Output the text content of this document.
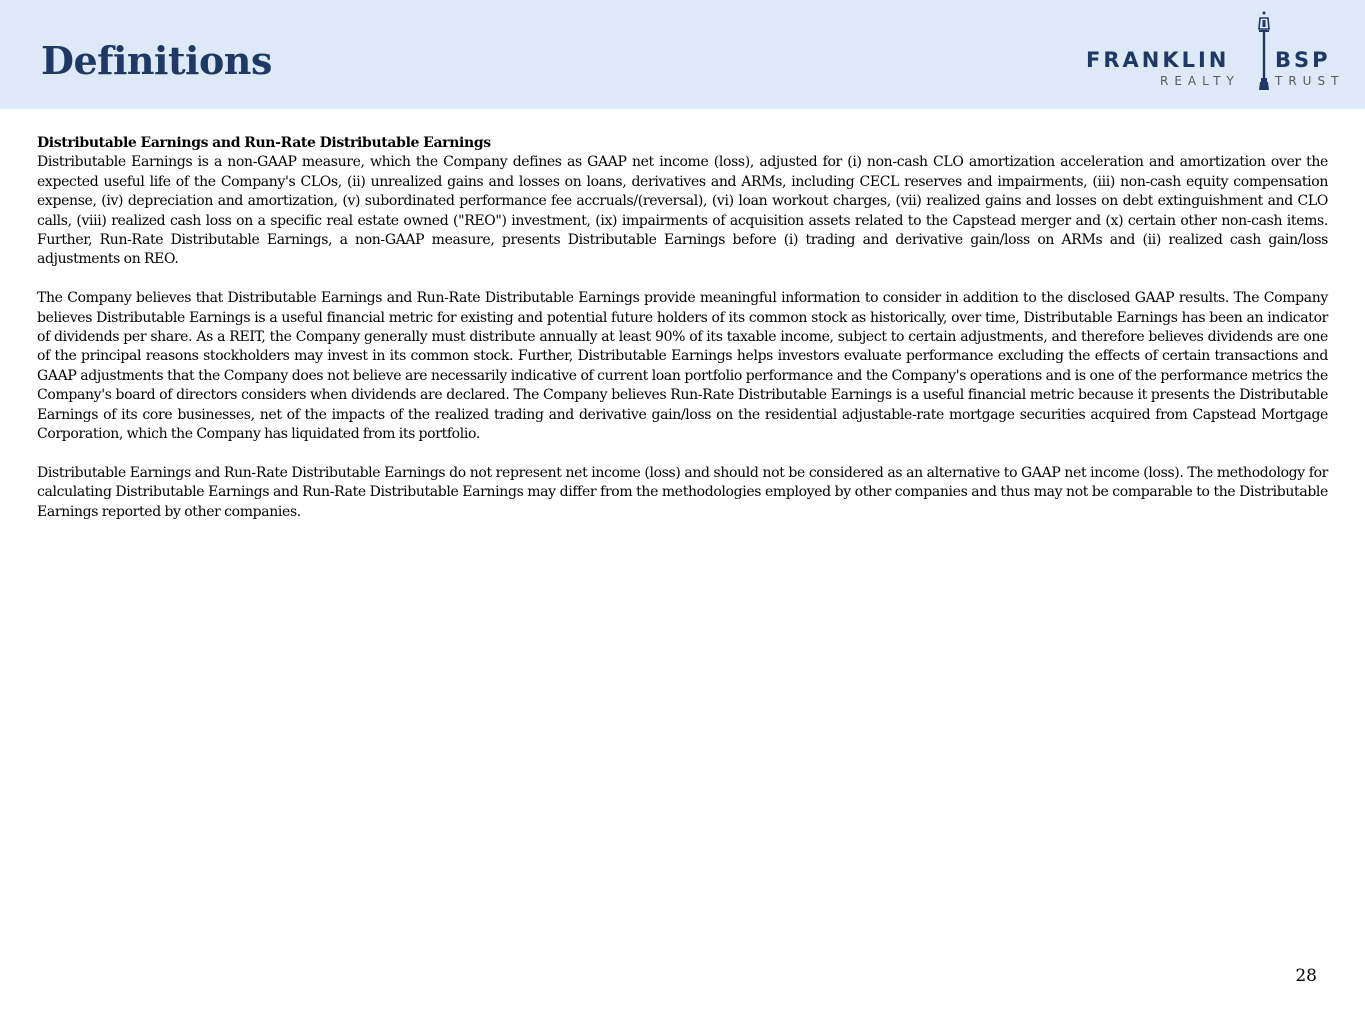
Definitions	FRANKLIN BSP
REALTY	TRUST

Distributable Earnings and Run-Rate Distributable Earnings

Distributable Earnings is a non-GAAP measure, which the Company defines as GAAP net income (loss), adjusted for (i) non-cash CLO amortization acceleration and amortization over the expected useful life of the Company's CLOs, (ii) unrealized gains and losses on loans, derivatives and ARMs, including CECL reserves and impairments, (iii) non-cash equity compensation expense, (iv) depreciation and amortization, (v) subordinated performance fee accruals/(reversal), (vi) loan workout charges, (vii) realized gains and losses on debt extinguishment and CLO calls, (viii) realized cash loss on a specific real estate owned ("REO") investment, (ix) impairments of acquisition assets related to the Capstead merger and (x) certain other non-cash items. Further, Run-Rate Distributable Earnings, a non-GAAP measure, presents Distributable Earnings before (i) trading and derivative gain/loss on ARMs and (ii) realized cash gain/loss adjustments on REO.

The Company believes that Distributable Earnings and Run-Rate Distributable Earnings provide meaningful information to consider in addition to the disclosed GAAP results. The Company believes Distributable Earnings is a useful financial metric for existing and potential future holders of its common stock as historically, over time, Distributable Earnings has been an indicator of dividends per share. As a REIT, the Company generally must distribute annually at least 90% of its taxable income, subject to certain adjustments, and therefore believes dividends are one of the principal reasons stockholders may invest in its common stock. Further, Distributable Earnings helps investors evaluate performance excluding the effects of certain transactions and GAAP adjustments that the Company does not believe are necessarily indicative of current loan portfolio performance and the Company's operations and is one of the performance metrics the Company's board of directors considers when dividends are declared. The Company believes Run-Rate Distributable Earnings is a useful financial metric because it presents the Distributable Earnings of its core businesses, net of the impacts of the realized trading and derivative gain/loss on the residential adjustable-rate mortgage securities acquired from Capstead Mortgage Corporation, which the Company has liquidated from its portfolio.

Distributable Earnings and Run-Rate Distributable Earnings do not represent net income (loss) and should not be considered as an alternative to GAAP net income (loss). The methodology for calculating Distributable Earnings and Run-Rate Distributable Earnings may differ from the methodologies employed by other companies and thus may not be comparable to the Distributable Earnings reported by other companies.

28
